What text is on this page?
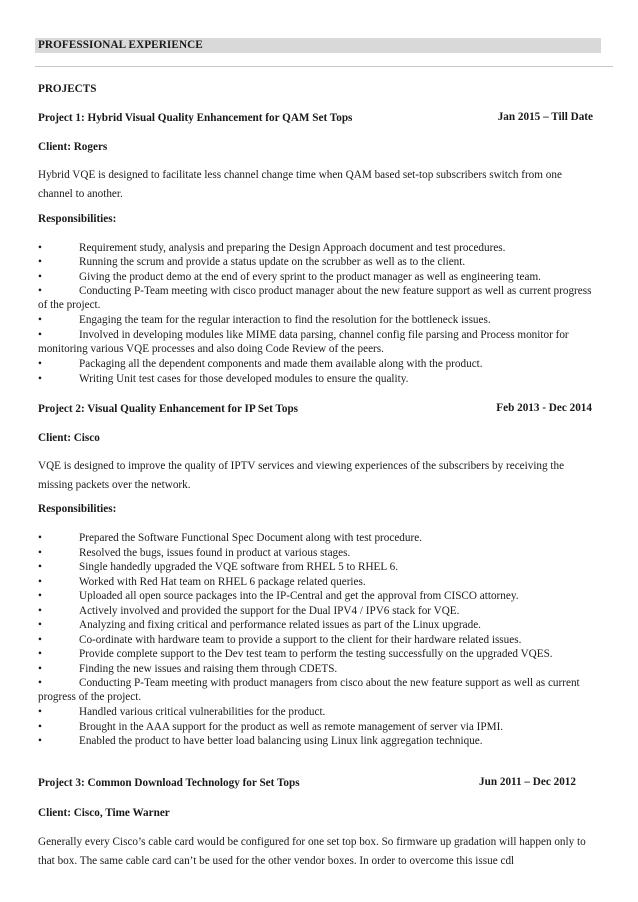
PROFESSIONAL EXPERIENCE
PROJECTS
Project 1: Hybrid Visual Quality Enhancement for QAM Set Tops	Jan 2015 – Till Date
Client: Rogers
Hybrid VQE is designed to facilitate less channel change time when QAM based set-top subscribers switch from one channel to another.
Responsibilities:
•	Requirement study, analysis and preparing the Design Approach document and test procedures.
•	Running the scrum and provide a status update on the scrubber as well as to the client.
•	Giving the product demo at the end of every sprint to the product manager as well as engineering team.
•	Conducting P-Team meeting with cisco product manager about the new feature support as well as current progress of the project.
•	Engaging the team for the regular interaction to find the resolution for the bottleneck issues.
•	Involved in developing modules like MIME data parsing, channel config file parsing and Process monitor for monitoring various VQE processes and also doing Code Review of the peers.
•	Packaging all the dependent components and made them available along with the product.
•	Writing Unit test cases for those developed modules to ensure the quality.
Project 2: Visual Quality Enhancement for IP Set Tops	Feb 2013 - Dec 2014
Client: Cisco
VQE is designed to improve the quality of IPTV services and viewing experiences of the subscribers by receiving the missing packets over the network.
Responsibilities:
•	Prepared the Software Functional Spec Document along with test procedure.
•	Resolved the bugs, issues found in product at various stages.
•	Single handedly upgraded the VQE software from RHEL 5 to RHEL 6.
•	Worked with Red Hat team on RHEL 6 package related queries.
•	Uploaded all open source packages into the IP-Central and get the approval from CISCO attorney.
•	Actively involved and provided the support for the Dual IPV4 / IPV6 stack for VQE.
•	Analyzing and fixing critical and performance related issues as part of the Linux upgrade.
•	Co-ordinate with hardware team to provide a support to the client for their hardware related issues.
•	Provide complete support to the Dev test team to perform the testing successfully on the upgraded VQES.
•	Finding the new issues and raising them through CDETS.
•	Conducting P-Team meeting with product managers from cisco about the new feature support as well as current progress of the project.
•	Handled various critical vulnerabilities for the product.
•	Brought in the AAA support for the product as well as remote management of server via IPMI.
•	Enabled the product to have better load balancing using Linux link aggregation technique.
Project 3: Common Download Technology for Set Tops	Jun 2011 – Dec 2012
Client: Cisco, Time Warner
Generally every Cisco’s cable card would be configured for one set top box. So firmware up gradation will happen only to that box. The same cable card can’t be used for the other vendor boxes. In order to overcome this issue cdl
